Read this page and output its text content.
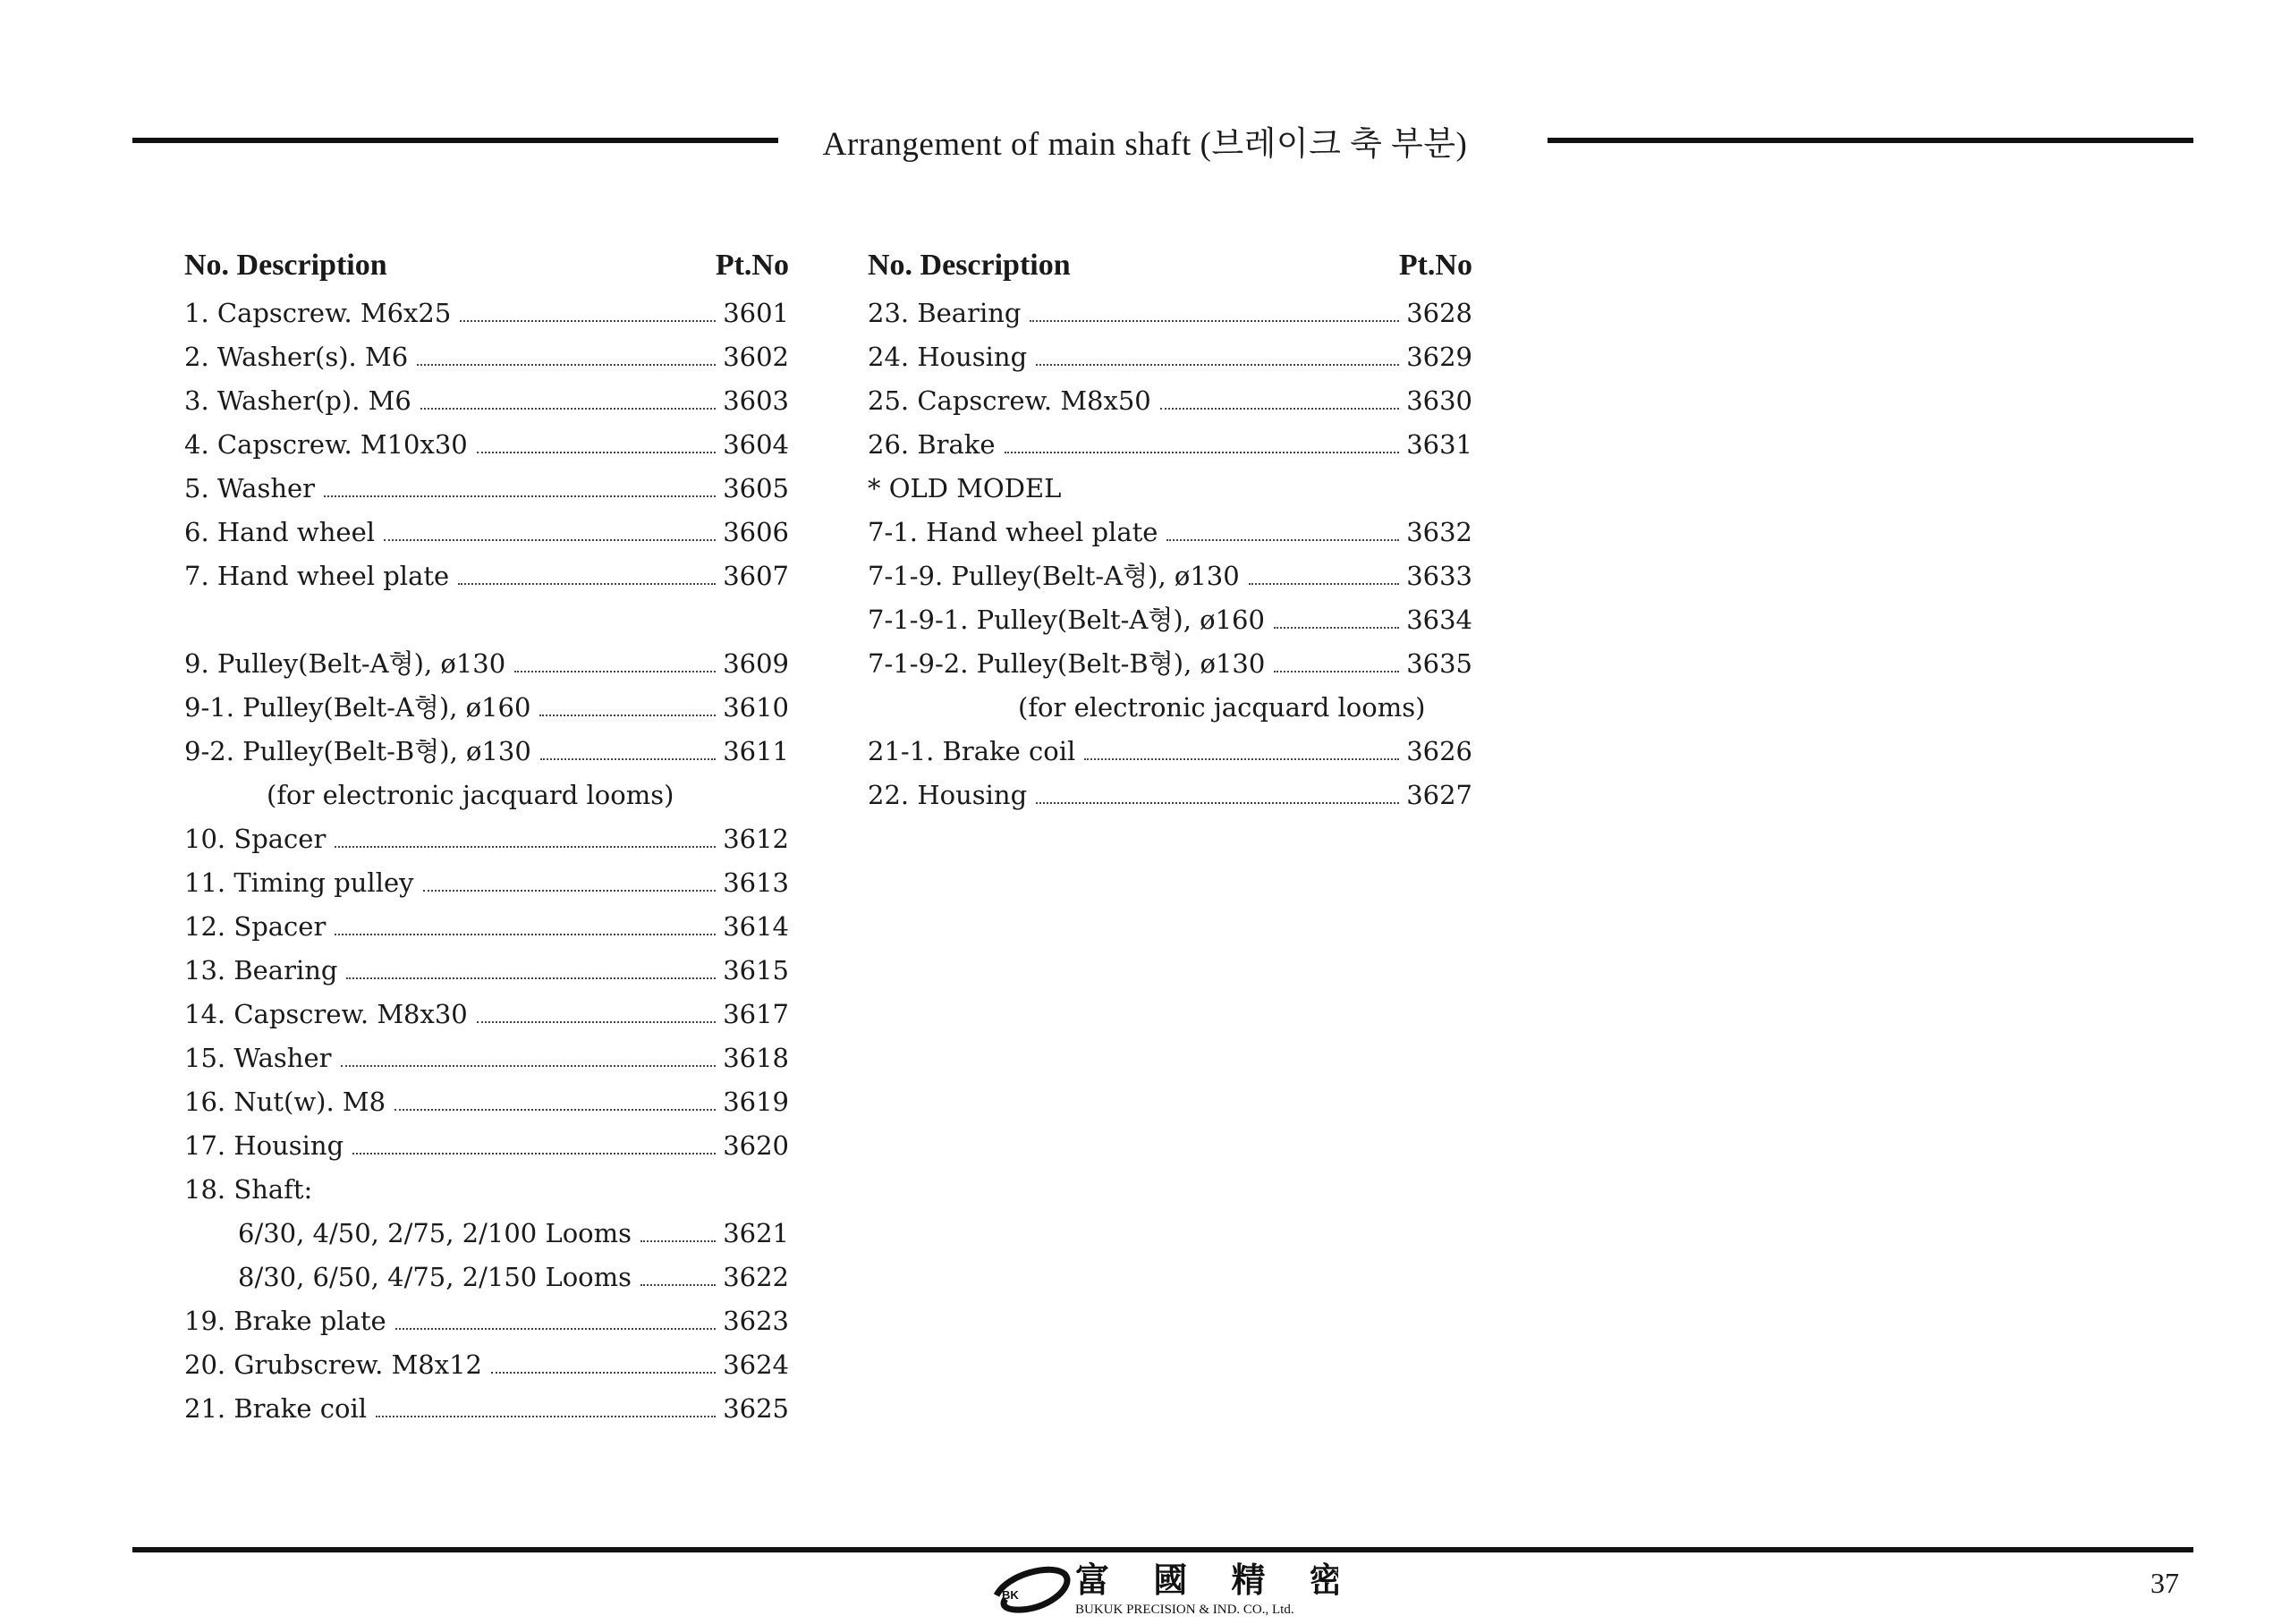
Arrangement of main shaft (브레이크 축 부분)
No. Description	Pt.No
1. Capscrew. M6x25	3601
2. Washer(s). M6	3602
3. Washer(p). M6	3603
4. Capscrew. M10x30	3604
5. Washer	3605
6. Hand wheel	3606
7. Hand wheel plate	3607
9. Pulley(Belt-A형), ø130	3609
9-1. Pulley(Belt-A형), ø160	3610
9-2. Pulley(Belt-B형), ø130	3611
(for electronic jacquard looms)
10. Spacer	3612
11. Timing pulley	3613
12. Spacer	3614
13. Bearing	3615
14. Capscrew. M8x30	3617
15. Washer	3618
16. Nut(w). M8	3619
17. Housing	3620
18. Shaft:
6/30, 4/50, 2/75, 2/100 Looms	3621
8/30, 6/50, 4/75, 2/150 Looms	3622
19. Brake plate	3623
20. Grubscrew. M8x12	3624
21. Brake coil	3625
No. Description	Pt.No
23. Bearing	3628
24. Housing	3629
25. Capscrew. M8x50	3630
26. Brake	3631
* OLD MODEL
7-1. Hand wheel plate	3632
7-1-9. Pulley(Belt-A형), ø130	3633
7-1-9-1. Pulley(Belt-A형), ø160	3634
7-1-9-2. Pulley(Belt-B형), ø130	3635
(for electronic jacquard looms)
21-1. Brake coil	3626
22. Housing	3627
BK 富 國 精 密
BUKUK PRECISION & IND. CO., Ltd.
37
